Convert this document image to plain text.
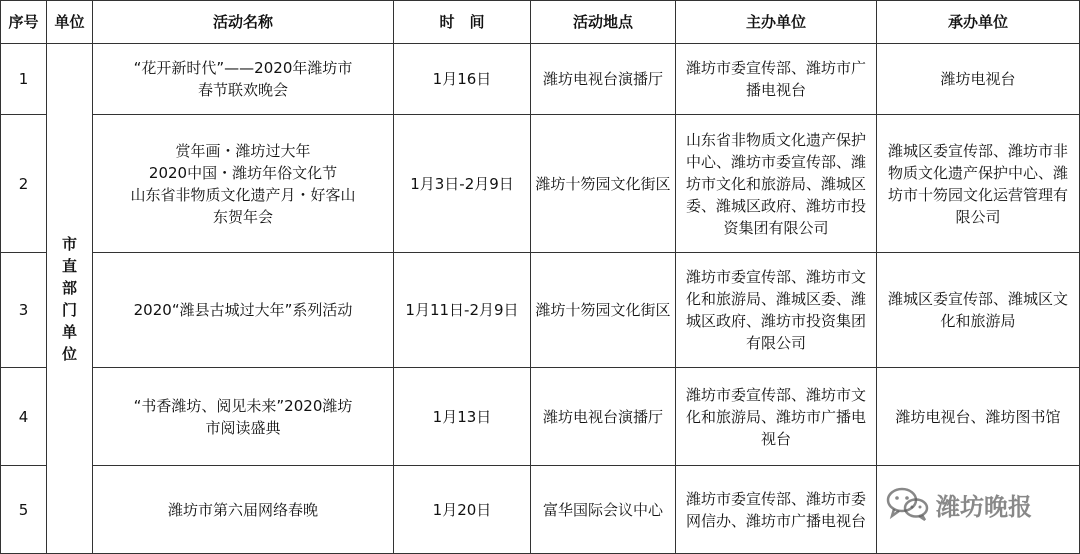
序号	单位	活动名称	时　间	活动地点	主办单位	承办单位
1	市直部门单位	“花开新时代”——2020年潍坊市
春节联欢晚会	1月16日	潍坊电视台演播厅	潍坊市委宣传部、潍坊市广播电视台	潍坊电视台
2		赏年画・潍坊过大年
2020中国・潍坊年俗文化节
山东省非物质文化遗产月・好客山
东贺年会	1月3日-2月9日	潍坊十笏园文化街区	山东省非物质文化遗产保护中心、潍坊市委宣传部、潍坊市文化和旅游局、潍城区委、潍城区政府、潍坊市投资集团有限公司	潍城区委宣传部、潍坊市非物质文化遗产保护中心、潍坊市十笏园文化运营管理有限公司
3		2020“潍县古城过大年”系列活动	1月11日-2月9日	潍坊十笏园文化街区	潍坊市委宣传部、潍坊市文化和旅游局、潍城区委、潍城区政府、潍坊市投资集团有限公司	潍城区委宣传部、潍城区文化和旅游局
4		“书香潍坊、阅见未来”2020潍坊
市阅读盛典	1月13日	潍坊电视台演播厅	潍坊市委宣传部、潍坊市文化和旅游局、潍坊市广播电视台	潍坊电视台、潍坊图书馆
5		潍坊市第六届网络春晚	1月20日	富华国际会议中心	潍坊市委宣传部、潍坊市委网信办、潍坊市广播电视台		潍坊晚报
